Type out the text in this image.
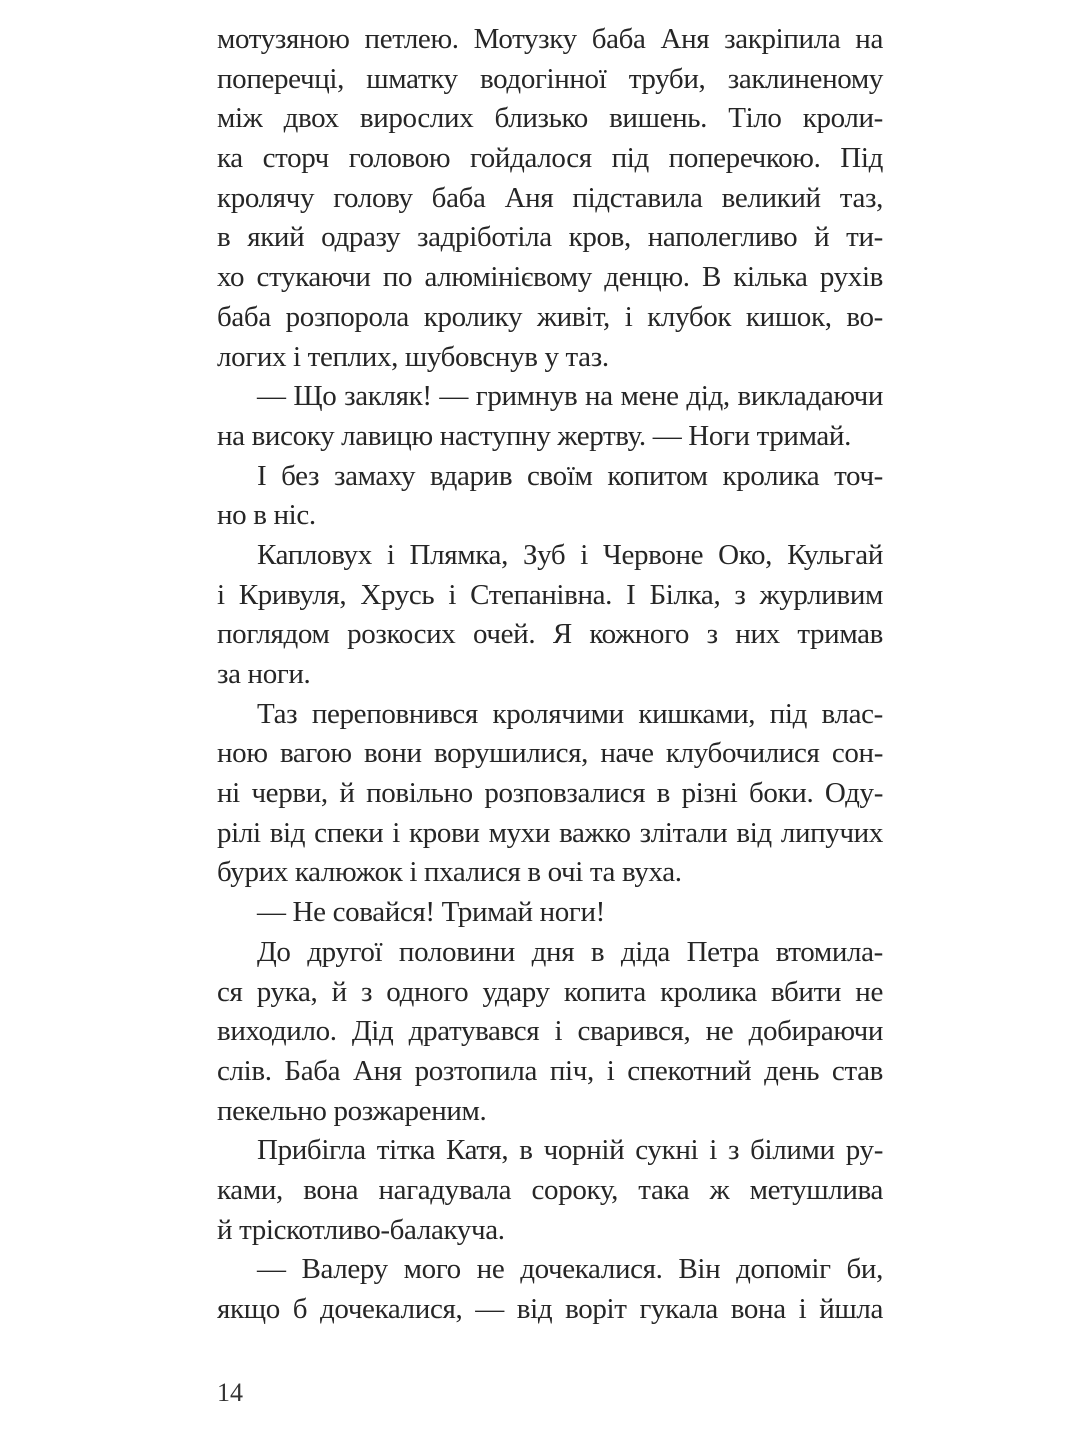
мотузяною петлею. Мотузку баба Аня закріпила на
поперечці, шматку водогінної труби, заклиненому
між двох вирослих близько вишень. Тіло кроли-
ка сторч головою гойдалося під поперечкою. Під
кролячу голову баба Аня підставила великий таз,
в який одразу задріботіла кров, наполегливо й ти-
хо стукаючи по алюмінієвому денцю. В кілька рухів
баба розпорола кролику живіт, і клубок кишок, во-
логих і теплих, шубовснув у таз.
— Що закляк! — гримнув на мене дід, викладаючи
на високу лавицю наступну жертву. — Ноги тримай.
І без замаху вдарив своїм копитом кролика точ-
но в ніс.
Капловух і Плямка, Зуб і Червоне Око, Кульгай
і Кривуля, Хрусь і Степанівна. І Білка, з журливим
поглядом розкосих очей. Я кожного з них тримав
за ноги.
Таз переповнився кролячими кишками, під влас-
ною вагою вони ворушилися, наче клубочилися сон-
ні черви, й повільно розповзалися в різні боки. Оду-
рілі від спеки і крови мухи важко злітали від липучих
бурих калюжок і пхалися в очі та вуха.
— Не совайся! Тримай ноги!
До другої половини дня в діда Петра втомила-
ся рука, й з одного удару копита кролика вбити не
виходило. Дід дратувався і сварився, не добираючи
слів. Баба Аня розтопила піч, і спекотний день став
пекельно розжареним.
Прибігла тітка Катя, в чорній сукні і з білими ру-
ками, вона нагадувала сороку, така ж метушлива
й тріскотливо-балакуча.
— Валеру мого не дочекалися. Він допоміг би,
якщо б дочекалися, — від воріт гукала вона і йшла
14
